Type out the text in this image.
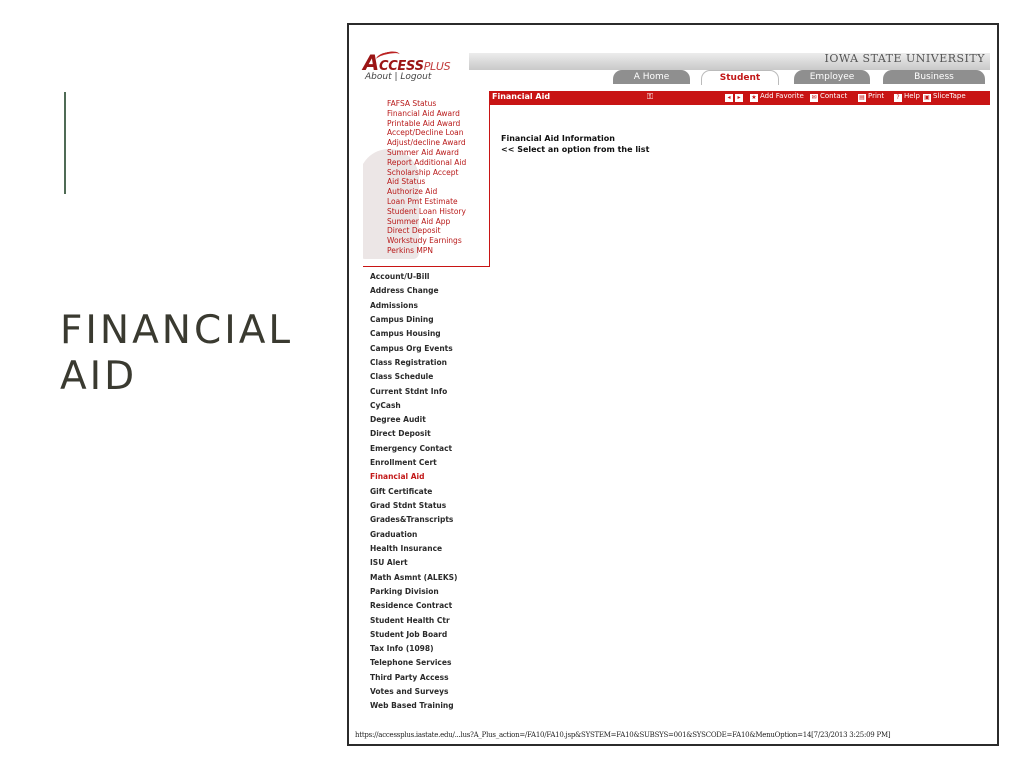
FINANCIAL
AID
ACCESSPLUS
IOWA STATE UNIVERSITY
About | Logout	A Home	Student	Employee	Business
Financial Aid	⚿	◂ ▸	★ Add Favorite ✉ Contact ▤ Print	? Help ▣ SliceTape
FAFSA Status
Financial Aid Award
Printable Aid Award
Accept/Decline Loan
Adjust/decline Award
Summer Aid Award
Report Additional Aid
Scholarship Accept
Aid Status
Authorize Aid
Loan Pmt Estimate
Student Loan History
Summer Aid App
Direct Deposit
Workstudy Earnings
Perkins MPN
Financial Aid Information
<< Select an option from the list
Account/U-Bill
Address Change
Admissions
Campus Dining
Campus Housing
Campus Org Events
Class Registration
Class Schedule
Current Stdnt Info
CyCash
Degree Audit
Direct Deposit
Emergency Contact
Enrollment Cert
Financial Aid
Gift Certificate
Grad Stdnt Status
Grades&Transcripts
Graduation
Health Insurance
ISU Alert
Math Asmnt (ALEKS)
Parking Division
Residence Contract
Student Health Ctr
Student Job Board
Tax Info (1098)
Telephone Services
Third Party Access
Votes and Surveys
Web Based Training
https://accessplus.iastate.edu/...lus?A_Plus_action=/FA10/FA10.jsp&SYSTEM=FA10&SUBSYS=001&SYSCODE=FA10&MenuOption=14[7/23/2013 3:25:09 PM]
